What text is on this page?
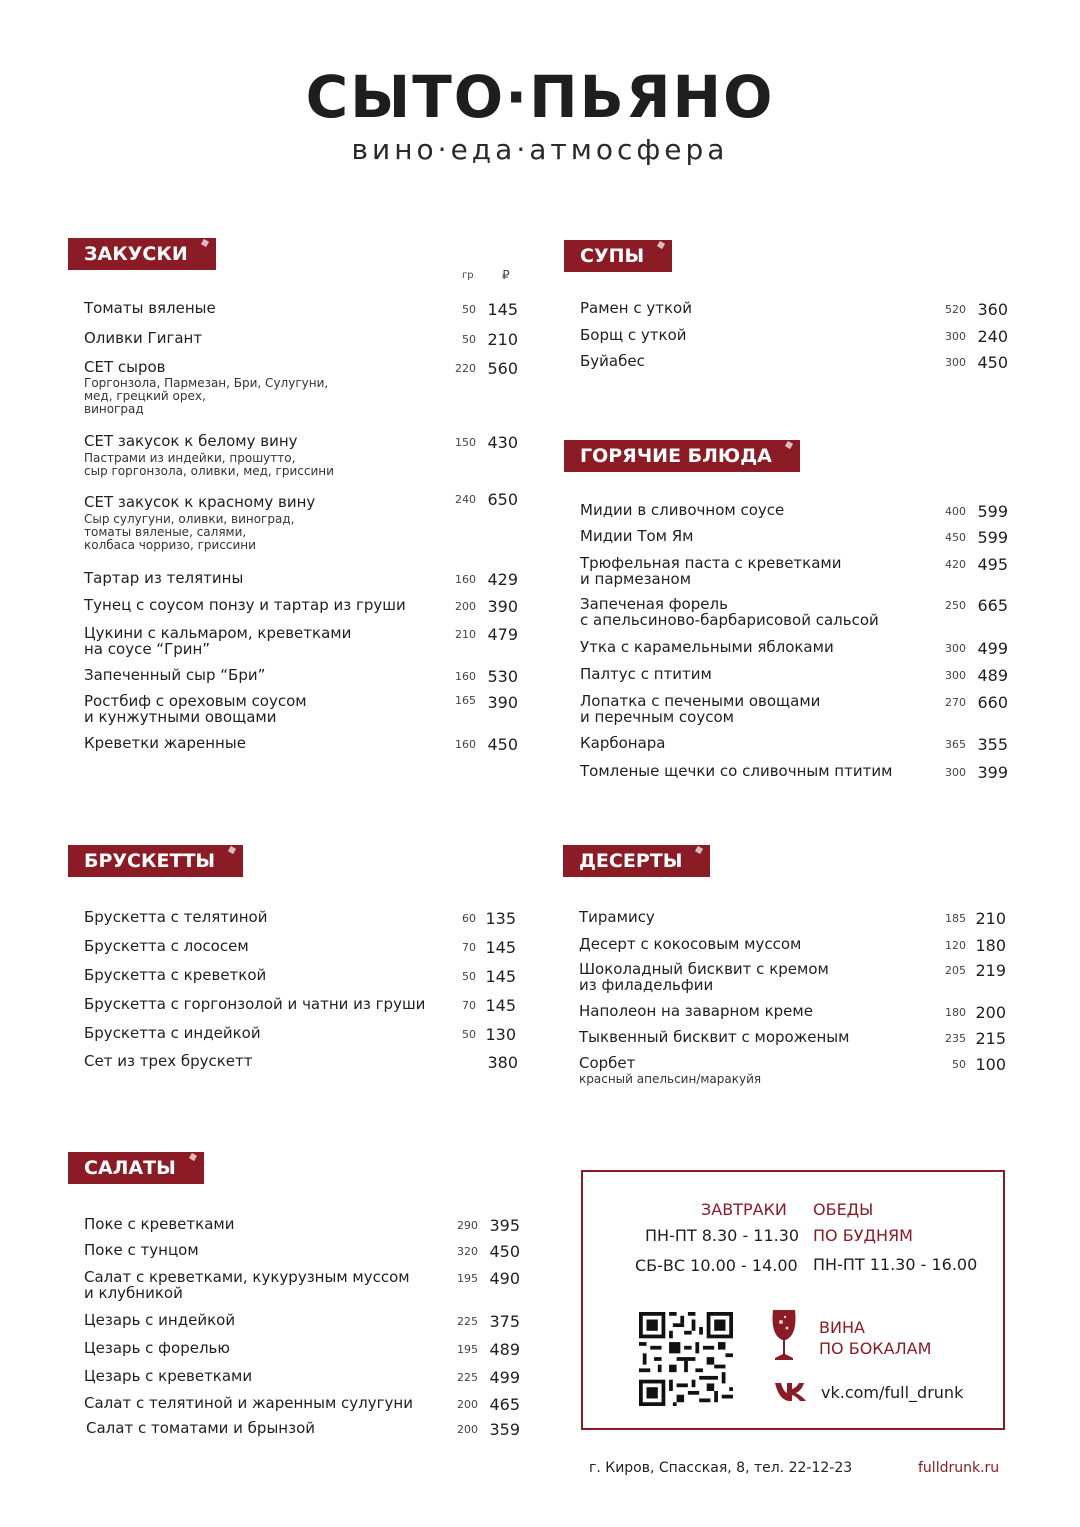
СЫТО·ПЬЯНО
вино·еда·атмосфера
ЗАКУСКИ
гр ₽
Томаты вяленые	50 145
Оливки Гигант	50 210
СЕТ сыров
Горгонзола, Пармезан, Бри, Сулугуни,
мед, грецкий орех,
виноград
220 560
СЕТ закусок к белому вину
Пастрами из индейки, прошутто,
сыр горгонзола, оливки, мед, гриссини
150 430
СЕТ закусок к красному вину
Сыр сулугуни, оливки, виноград,
томаты вяленые, салями,
колбаса чорризо, гриссини
240 650
Тартар из телятины	160 429
Тунец с соусом понзу и тартар из груши	200 390
Цукини с кальмаром, креветками
на соусе “Грин”
210 479
Запеченный сыр “Бри”	160 530
Ростбиф с ореховым соусом
и кунжутными овощами
165 390
Креветки жаренные	160 450
СУПЫ
Рамен с уткой	520 360
Борщ с уткой	300 240
Буйабес	300 450
ГОРЯЧИЕ БЛЮДА
Мидии в сливочном соусе	400 599
Мидии Том Ям	450 599
Трюфельная паста с креветками
и пармезаном
420 495
Запеченая форель
с апельсиново-барбарисовой сальсой
250 665
Утка с карамельными яблоками	300 499
Палтус с птитим	300 489
Лопатка с печеными овощами
и перечным соусом
270 660
Карбонара	365 355
Томленые щечки со сливочным птитим	300 399
БРУСКЕТТЫ
Брускетта с телятиной	60 135
Брускетта с лососем	70 145
Брускетта с креветкой	50 145
Брускетта с горгонзолой и чатни из груши	70 145
Брускетта с индейкой	50 130
Сет из трех брускетт	380
ДЕСЕРТЫ
Тирамису	185 210
Десерт с кокосовым муссом	120 180
Шоколадный бисквит с кремом
из филадельфии
205 219
Наполеон на заварном креме	180 200
Тыквенный бисквит с мороженым	235 215
Сорбет
красный апельсин/маракуйя
50 100
САЛАТЫ
Поке с креветками	290 395
Поке с тунцом	320 450
Салат с креветками, кукурузным муссом
и клубникой
195 490
Цезарь с индейкой	225 375
Цезарь с форелью	195 489
Цезарь с креветками	225 499
Салат с телятиной и жаренным сулугуни	200 465
Салат с томатами и брынзой	200 359
ЗАВТРАКИ
ПН-ПТ 8.30 - 11.30
СБ-ВС 10.00 - 14.00
ОБЕДЫ
ПО БУДНЯМ
ПН-ПТ 11.30 - 16.00
ВИНА
ПО БОКАЛАМ
vk.com/full_drunk
г. Киров, Спасская, 8, тел. 22-12-23	fulldrunk.ru
